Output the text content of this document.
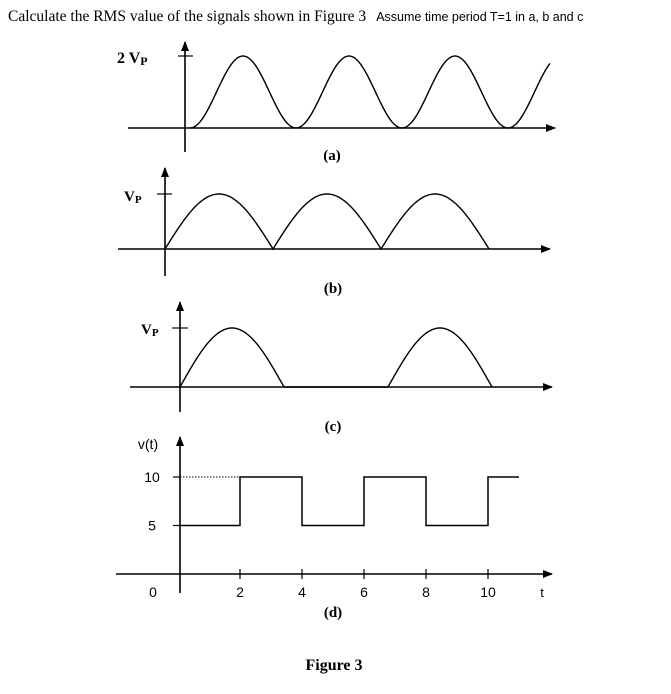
Calculate the RMS value of the signals shown in Figure 3 Assume time period T=1 in a, b and c
2 VP
(a)
VP
(b)
VP
(c)
v(t)
t
10
5
0	2	4	6	8	10
(d)
Figure 3
